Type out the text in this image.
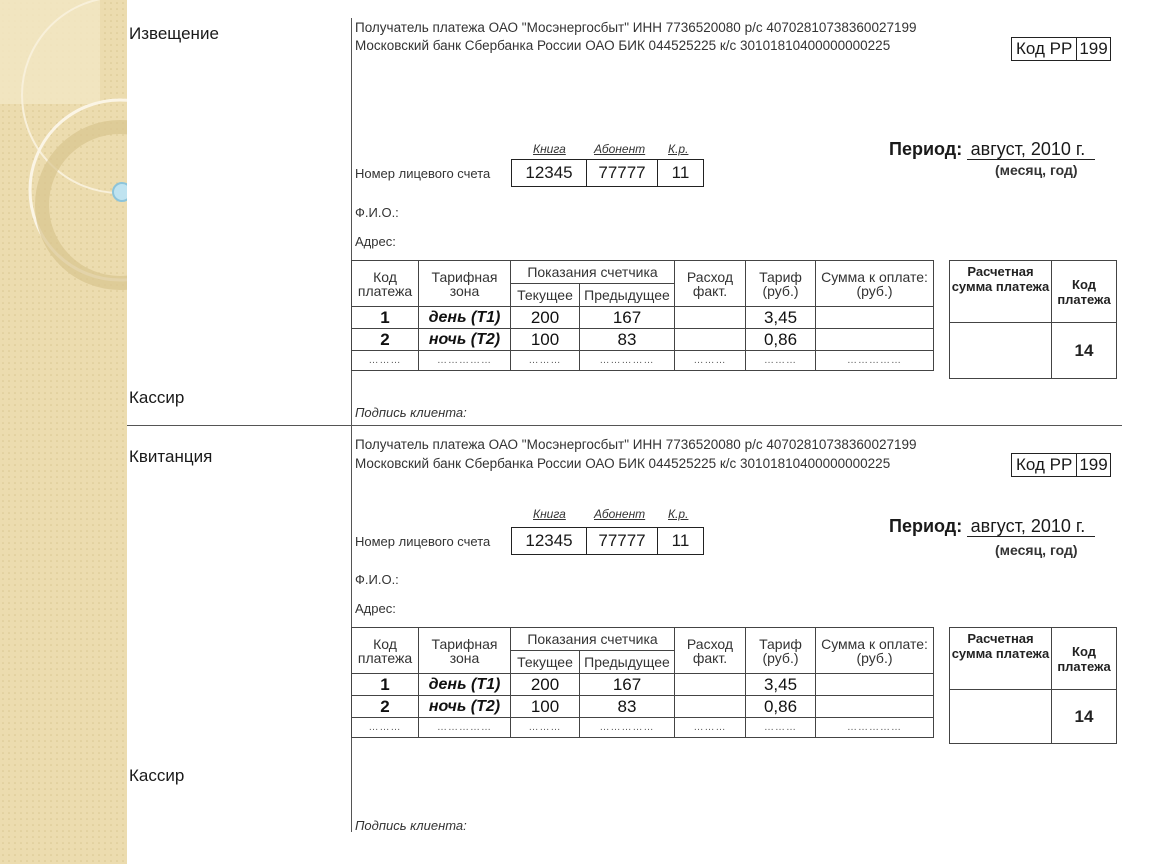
Извещение
Кассир
Получатель платежа ОАО "Мосэнергосбыт" ИНН 7736520080 р/с 40702810738360027199
Московский банк Сбербанка России ОАО БИК 044525225 к/с 30101810400000000225	Код РР 199
Книга Абонент К.р.
Номер лицевого счета	12345	77777	11
Период: август, 2010 г.
(месяц, год)
Ф.И.О.:
Адрес:
Код платежа	Тарифная зона	Показания счетчика		Расход факт.	Тариф (руб.)	Сумма к оплате: (руб.)
		Текущее	Предыдущее			
1	день (Т1)	200	167		3,45	
2	ночь (Т2)	100	83		0,86	
………	……………	………	……………	………	………	……………
Расчетная сумма платежа	Код платежа
	14
Подпись клиента:
Квитанция
Кассир
Получатель платежа ОАО "Мосэнергосбыт" ИНН 7736520080 р/с 40702810738360027199
Московский банк Сбербанка России ОАО БИК 044525225 к/с 30101810400000000225	Код РР 199
Книга Абонент К.р.
Номер лицевого счета	12345	77777	11
Период: август, 2010 г.
(месяц, год)
Ф.И.О.:
Адрес:
Код платежа	Тарифная зона	Показания счетчика		Расход факт.	Тариф (руб.)	Сумма к оплате: (руб.)
		Текущее	Предыдущее			
1	день (Т1)	200	167		3,45	
2	ночь (Т2)	100	83		0,86	
………	……………	………	……………	………	………	……………
Расчетная сумма платежа	Код платежа
	14
Подпись клиента:
